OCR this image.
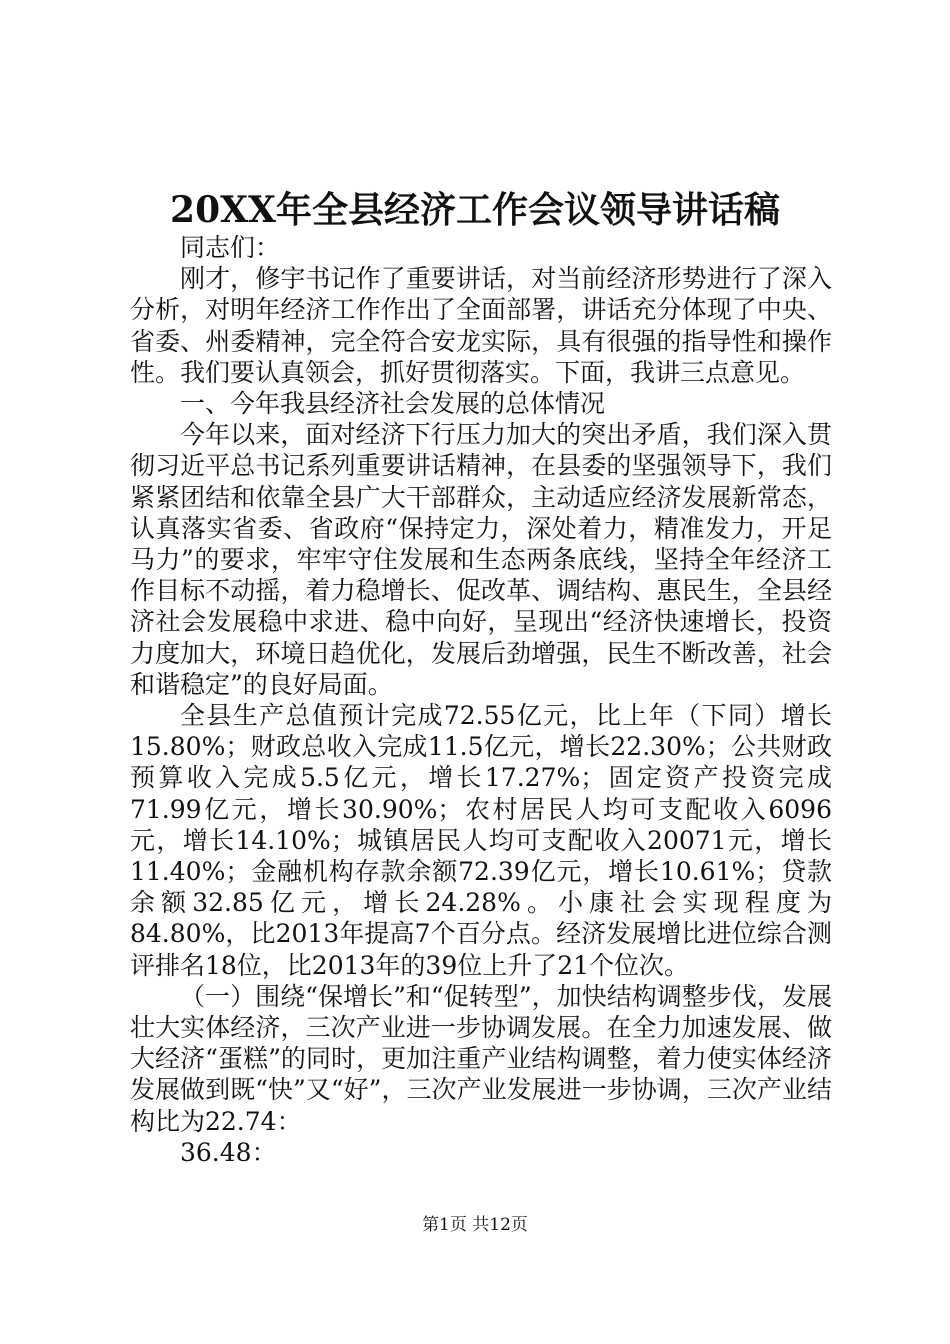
20XX年全县经济工作会议领导讲话稿

同志们：

刚才，修宇书记作了重要讲话，对当前经济形势进行了深入分析，对明年经济工作作出了全面部署，讲话充分体现了中央、省委、州委精神，完全符合安龙实际，具有很强的指导性和操作性。我们要认真领会，抓好贯彻落实。下面，我讲三点意见。

一、今年我县经济社会发展的总体情况

今年以来，面对经济下行压力加大的突出矛盾，我们深入贯彻习近平总书记系列重要讲话精神，在县委的坚强领导下，我们紧紧团结和依靠全县广大干部群众，主动适应经济发展新常态，认真落实省委、省政府“保持定力，深处着力，精准发力，开足马力”的要求，牢牢守住发展和生态两条底线，坚持全年经济工作目标不动摇，着力稳增长、促改革、调结构、惠民生，全县经济社会发展稳中求进、稳中向好，呈现出“经济快速增长，投资力度加大，环境日趋优化，发展后劲增强，民生不断改善，社会和谐稳定”的良好局面。

全县生产总值预计完成72.55亿元，比上年（下同）增长15.80%；财政总收入完成11.5亿元，增长22.30%；公共财政预算收入完成5.5亿元，增长17.27%；固定资产投资完成71.99亿元，增长30.90%；农村居民人均可支配收入6096元，增长14.10%；城镇居民人均可支配收入20071元，增长11.40%；金融机构存款余额72.39亿元，增长10.61%；贷款余额32.85亿元，增长24.28%。小康社会实现程度为84.80%，比2013年提高7个百分点。经济发展增比进位综合测评排名18位，比2013年的39位上升了21个位次。

（一）围绕“保增长”和“促转型”，加快结构调整步伐，发展壮大实体经济，三次产业进一步协调发展。在全力加速发展、做大经济“蛋糕”的同时，更加注重产业结构调整，着力使实体经济发展做到既“快”又“好”，三次产业发展进一步协调，三次产业结构比为22.74：

36.48：

第1页 共12页
